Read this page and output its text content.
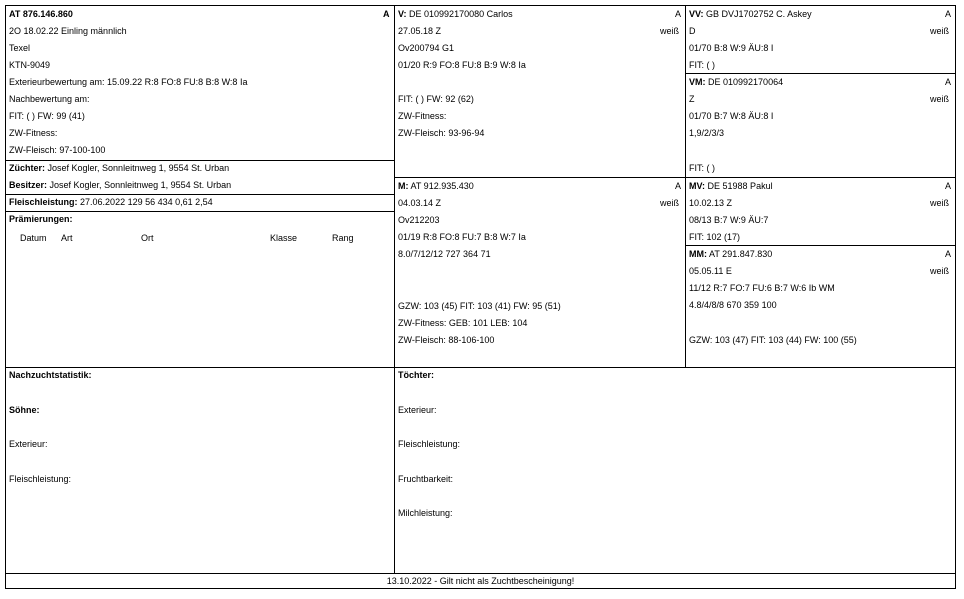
AT 876.146.860	A
2O 18.02.22 Einling männlich
Texel
KTN-9049
Exterieurbewertung am: 15.09.22 R:8 FO:8 FU:8 B:8 W:8 Ia
Nachbewertung am:
FIT: ( ) FW: 99 (41)
ZW-Fitness:
ZW-Fleisch: 97-100-100
Züchter: Josef Kogler, Sonnleitnweg 1, 9554 St. Urban
Besitzer: Josef Kogler, Sonnleitnweg 1, 9554 St. Urban
Fleischleistung: 27.06.2022 129 56 434 0,61 2,54
Prämierungen:
Datum Art	Ort	Klasse	Rang
V: DE 010992170080 Carlos	A
27.05.18 Z	weiß
Ov200794 G1
01/20 R:9 FO:8 FU:8 B:9 W:8 Ia
FIT: ( ) FW: 92 (62)
ZW-Fitness:
ZW-Fleisch: 93-96-94
VV: GB DVJ1702752 C. Askey	A
D	weiß
01/70 B:8 W:9 ÄU:8 I
FIT: ( )
VM: DE 010992170064	A
Z	weiß
01/70 B:7 W:8 ÄU:8 I
1,9/2/3/3
FIT: ( )
M: AT 912.935.430	A
04.03.14 Z	weiß
Ov212203
01/19 R:8 FO:8 FU:7 B:8 W:7 Ia
8.0/7/12/12 727 364 71
GZW: 103 (45) FIT: 103 (41) FW: 95 (51)
ZW-Fitness: GEB: 101 LEB: 104
ZW-Fleisch: 88-106-100
MV: DE 51988 Pakul	A
10.02.13 Z	weiß
08/13 B:7 W:9 ÄU:7
FIT: 102 (17)
MM: AT 291.847.830	A
05.05.11 E	weiß
11/12 R:7 FO:7 FU:6 B:7 W:6 Ib WM
4.8/4/8/8 670 359 100
GZW: 103 (47) FIT: 103 (44) FW: 100 (55)
Nachzuchtstatistik:
Söhne:
Exterieur:
Fleischleistung:
Töchter:
Exterieur:
Fleischleistung:
Fruchtbarkeit:
Milchleistung:
13.10.2022 - Gilt nicht als Zuchtbescheinigung!
